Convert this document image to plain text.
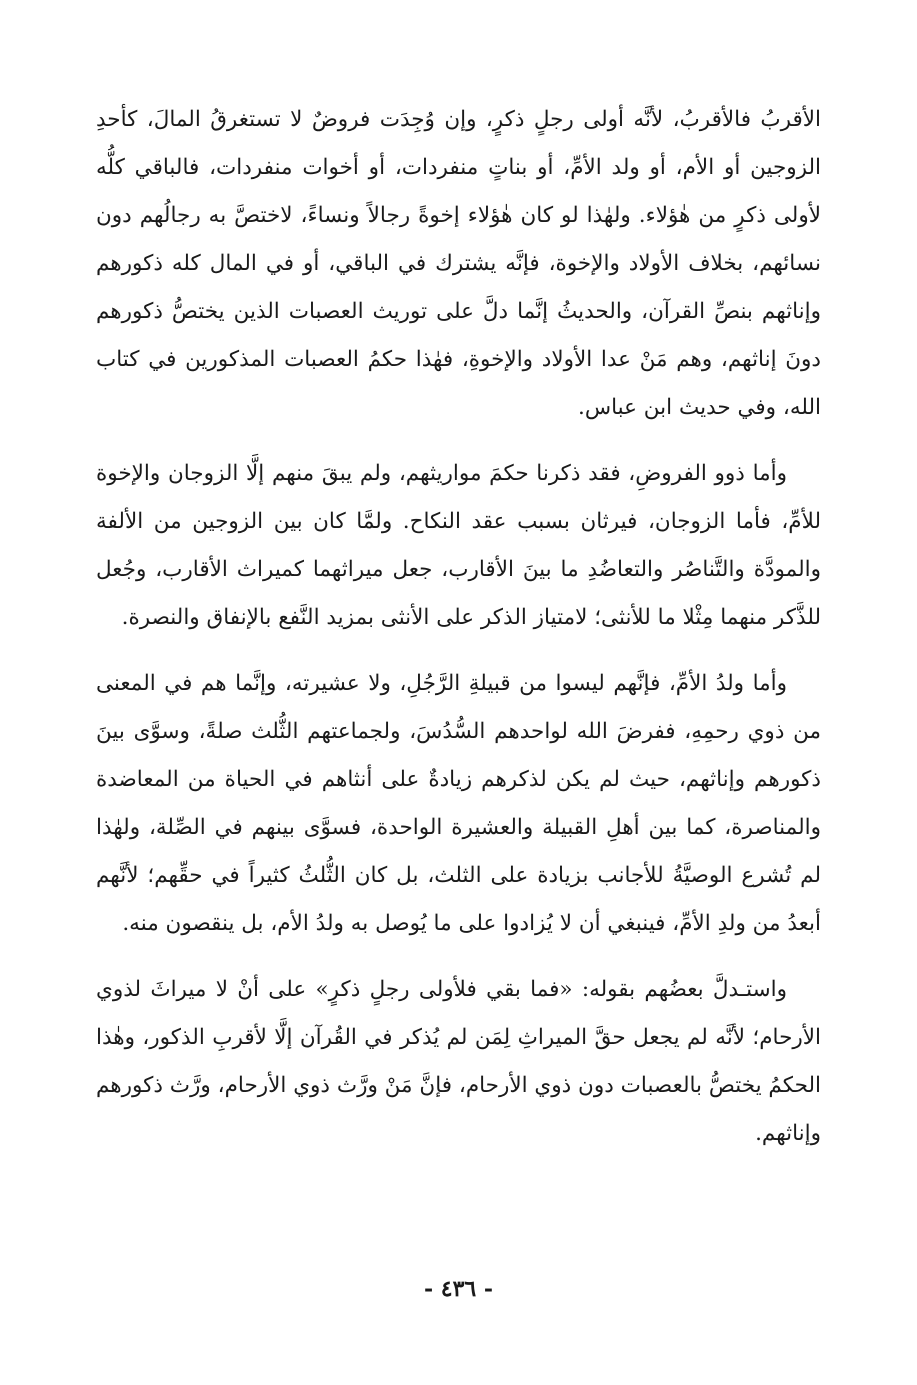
الأقربُ فالأقربُ، لأنَّه أولى رجلٍ ذكرٍ، وإن وُجِدَت فروضٌ لا تستغرقُ المالَ، كأحدِ الزوجين أو الأم، أو ولد الأمِّ، أو بناتٍ منفردات، أو أخوات منفردات، فالباقي كلُّه لأولى ذكرٍ من هٰؤلاء. ولهٰذا لو كان هٰؤلاء إخوةً رجالاً ونساءً، لاختصَّ به رجالُهم دون نسائهم، بخلاف الأولاد والإخوة، فإنَّه يشترك في الباقي، أو في المال كله ذكورهم وإناثهم بنصِّ القرآن، والحديثُ إنَّما دلَّ على توريث العصبات الذين يختصُّ ذكورهم دونَ إناثهم، وهم مَنْ عدا الأولاد والإخوةِ، فهٰذا حكمُ العصبات المذكورين في كتاب الله، وفي حديث ابن عباس.

وأما ذوو الفروضِ، فقد ذكرنا حكمَ مواريثهم، ولم يبقَ منهم إلَّا الزوجان والإخوة للأمِّ، فأما الزوجان، فيرثان بسبب عقد النكاح. ولمَّا كان بين الزوجين من الألفة والمودَّة والتَّناصُر والتعاضُدِ ما بينَ الأقارب، جعل ميراثهما كميراث الأقارب، وجُعل للذَّكر منهما مِثْلا ما للأنثى؛ لامتياز الذكر على الأنثى بمزيد النَّفع بالإنفاق والنصرة.

وأما ولدُ الأمِّ، فإنَّهم ليسوا من قبيلةِ الرَّجُلِ، ولا عشيرته، وإنَّما هم في المعنى من ذوي رحمِهِ، ففرضَ الله لواحدهم السُّدُسَ، ولجماعتهم الثُّلث صلةً، وسوَّى بينَ ذكورهم وإناثهم، حيث لم يكن لذكرهم زيادةٌ على أنثاهم في الحياة من المعاضدة والمناصرة، كما بين أهلِ القبيلة والعشيرة الواحدة، فسوَّى بينهم في الصِّلة، ولهٰذا لم تُشرع الوصيَّةُ للأجانب بزيادة على الثلث، بل كان الثُّلثُ كثيراً في حقِّهم؛ لأنَّهم أبعدُ من ولدِ الأمِّ، فينبغي أن لا يُزادوا على ما يُوصل به ولدُ الأم، بل ينقصون منه.

واستـدلَّ بعضُهم بقوله: «فما بقي فلأولى رجلٍ ذكرٍ» على أنْ لا ميراثَ لذوي الأرحام؛ لأنَّه لم يجعل حقَّ الميراثِ لِمَن لم يُذكر في القُرآن إلَّا لأقربِ الذكور، وهٰذا الحكمُ يختصُّ بالعصبات دون ذوي الأرحام، فإنَّ مَنْ ورَّث ذوي الأرحام، ورَّث ذكورهم وإناثهم.

- ٤٣٦ -
